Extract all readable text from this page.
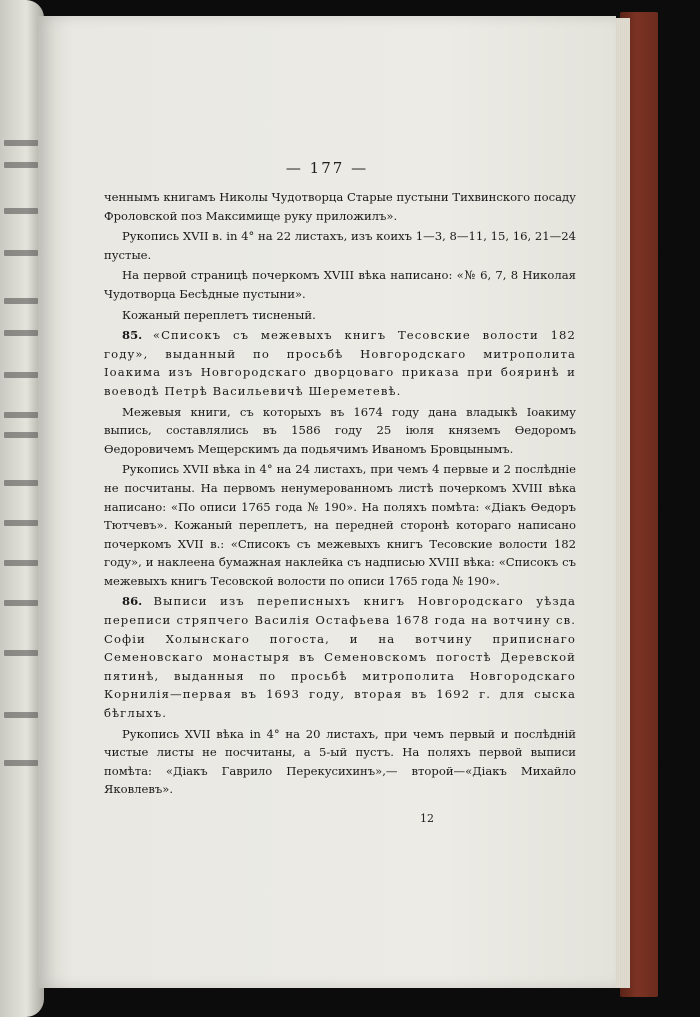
— 177 —

ченнымъ книгамъ Николы Чудотворца Старые пустыни Тихвинского посаду Фроловской поз Максимище руку приложилъ».

Рукопись XVII в. in 4° на 22 листахъ, изъ коихъ 1—3, 8—11, 15, 16, 21—24 пустые.

На первой страницѣ почеркомъ XVIII вѣка написано: «№ 6, 7, 8 Николая Чудотворца Бесѣдные пустыни».

Кожаный переплетъ тисненый.

85. «Списокъ съ межевыхъ книгъ Тесовские волости 182 году», выданный по просьбѣ Новгородскаго митрополита Іоакима изъ Новгородскаго дворцоваго приказа при бояринѣ и воеводѣ Петрѣ Васильевичѣ Шереметевѣ.

Межевыя книги, съ которыхъ въ 1674 году дана владыкѣ Іоакиму выпись, составлялись въ 1586 году 25 іюля княземъ Ѳедоромъ Ѳедоровичемъ Мещерскимъ да подьячимъ Иваномъ Бровцынымъ.

Рукопись XVII вѣка in 4° на 24 листахъ, при чемъ 4 первые и 2 послѣдніе не посчитаны. На первомъ ненумерованномъ листѣ почеркомъ XVIII вѣка написано: «По описи 1765 года № 190». На поляхъ помѣта: «Діакъ Ѳедоръ Тютчевъ». Кожаный переплетъ, на передней сторонѣ котораго написано почеркомъ XVII в.: «Списокъ съ межевыхъ книгъ Тесовские волости 182 году», и наклеена бумажная наклейка съ надписью XVIII вѣка: «Списокъ съ межевыхъ книгъ Тесовской волости по описи 1765 года № 190».

86. Выписи изъ переписныхъ книгъ Новгородскаго уѣзда переписи стряпчего Василія Остафьева 1678 года на вотчину св. Софіи Холынскаго погоста, и на вотчину приписнаго Семеновскаго монастыря въ Семеновскомъ погостѣ Деревской пятинѣ, выданныя по просьбѣ митрополита Новгородскаго Корнилія—первая въ 1693 году, вторая въ 1692 г. для сыска бѣглыхъ.

Рукопись XVII вѣка in 4° на 20 листахъ, при чемъ первый и послѣдній чистые листы не посчитаны, а 5-ый пустъ. На поляхъ первой выписи помѣта: «Діакъ Гаврило Перекусихинъ»,— второй—«Діакъ Михайло Яковлевъ».

12
